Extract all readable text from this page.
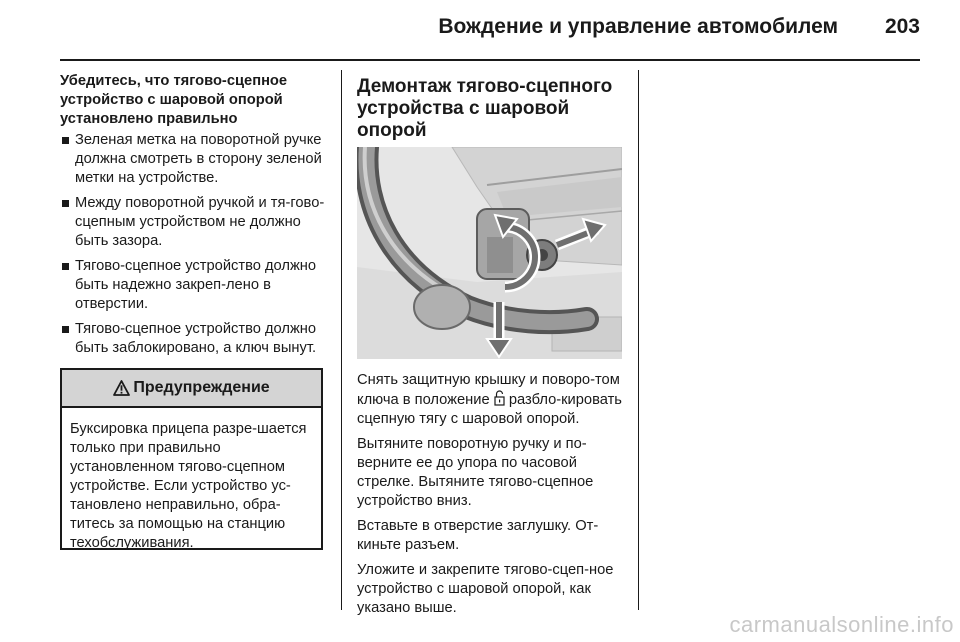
Вождение и управление автомобилем 203
Убедитесь, что тягово-сцепное устройство с шаровой опорой установлено правильно
Зеленая метка на поворотной ручке должна смотреть в сторону зеленой метки на устройстве.
Между поворотной ручкой и тя-гово-сцепным устройством не должно быть зазора.
Тягово-сцепное устройство должно быть надежно закреп-лено в отверстии.
Тягово-сцепное устройство должно быть заблокировано, а ключ вынут.
Предупреждение
Буксировка прицепа разре-шается только при правильно установленном тягово-сцепном устройстве. Если устройство ус-тановлено неправильно, обра-титесь за помощью на станцию техобслуживания.
Демонтаж тягово-сцепного устройства с шаровой опорой
Снять защитную крышку и поворо-том ключа в положение разбло-кировать сцепную тягу с шаровой опорой.
Вытяните поворотную ручку и по-верните ее до упора по часовой стрелке. Вытяните тягово-сцепное устройство вниз.
Вставьте в отверстие заглушку. От-киньте разъем.
Уложите и закрепите тягово-сцеп-ное устройство с шаровой опорой, как указано выше.
carmanualsonline.info
